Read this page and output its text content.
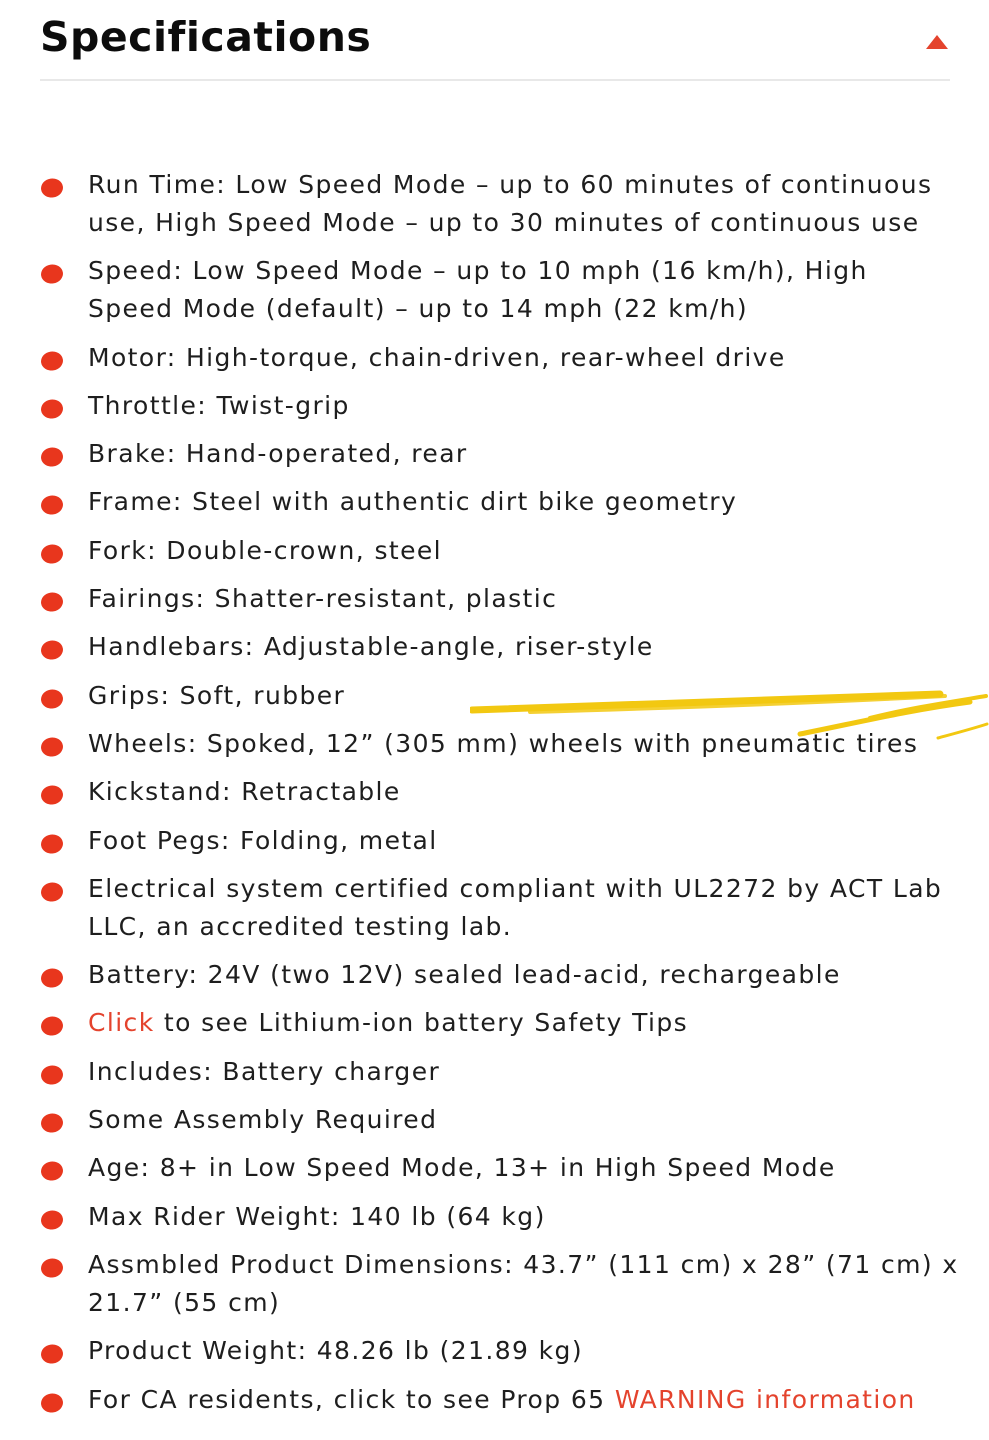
Specifications
Run Time: Low Speed Mode – up to 60 minutes of continuous
use, High Speed Mode – up to 30 minutes of continuous use
Speed: Low Speed Mode – up to 10 mph (16 km/h), High
Speed Mode (default) – up to 14 mph (22 km/h)
Motor: High-torque, chain-driven, rear-wheel drive
Throttle: Twist-grip
Brake: Hand-operated, rear
Frame: Steel with authentic dirt bike geometry
Fork: Double-crown, steel
Fairings: Shatter-resistant, plastic
Handlebars: Adjustable-angle, riser-style
Grips: Soft, rubber
Wheels: Spoked, 12” (305 mm) wheels with pneumatic tires
Kickstand: Retractable
Foot Pegs: Folding, metal
Electrical system certified compliant with UL2272 by ACT Lab
LLC, an accredited testing lab.
Battery: 24V (two 12V) sealed lead-acid, rechargeable
Click to see Lithium-ion battery Safety Tips
Includes: Battery charger
Some Assembly Required
Age: 8+ in Low Speed Mode, 13+ in High Speed Mode
Max Rider Weight: 140 lb (64 kg)
Assmbled Product Dimensions: 43.7” (111 cm) x 28” (71 cm) x
21.7” (55 cm)
Product Weight: 48.26 lb (21.89 kg)
For CA residents, click to see Prop 65 WARNING information
